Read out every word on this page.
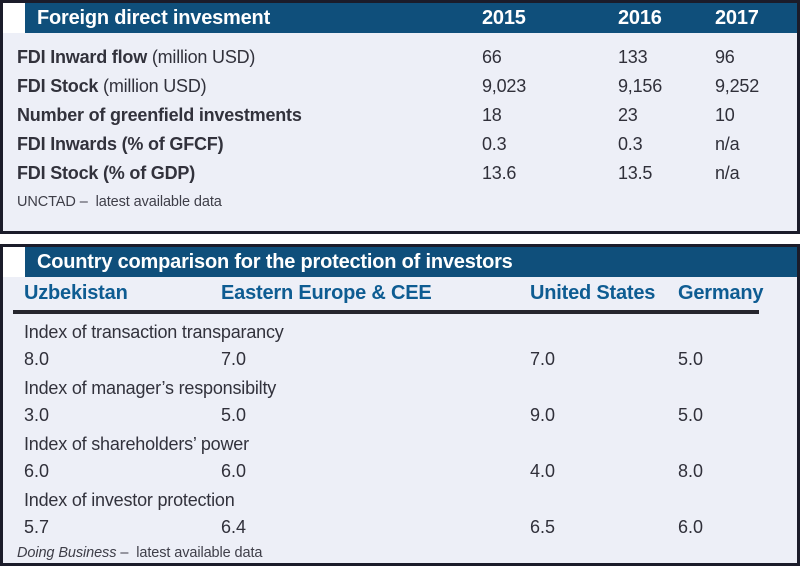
Foreign direct invesment	2015	2016	2017
FDI Inward flow (million USD)	66	133	96
FDI Stock (million USD)	9,023	9,156	9,252
Number of greenfield investments	18	23	10
FDI Inwards (% of GFCF)	0.3	0.3	n/a
FDI Stock (% of GDP)	13.6	13.5	n/a
UNCTAD – latest available data
Country comparison for the protection of investors
Uzbekistan	Eastern Europe & CEE	United States	Germany
Index of transaction transparancy
8.0	7.0	7.0	5.0
Index of manager’s responsibilty
3.0	5.0	9.0	5.0
Index of shareholders’ power
6.0	6.0	4.0	8.0
Index of investor protection
5.7	6.4	6.5	6.0
Doing Business – latest available data
